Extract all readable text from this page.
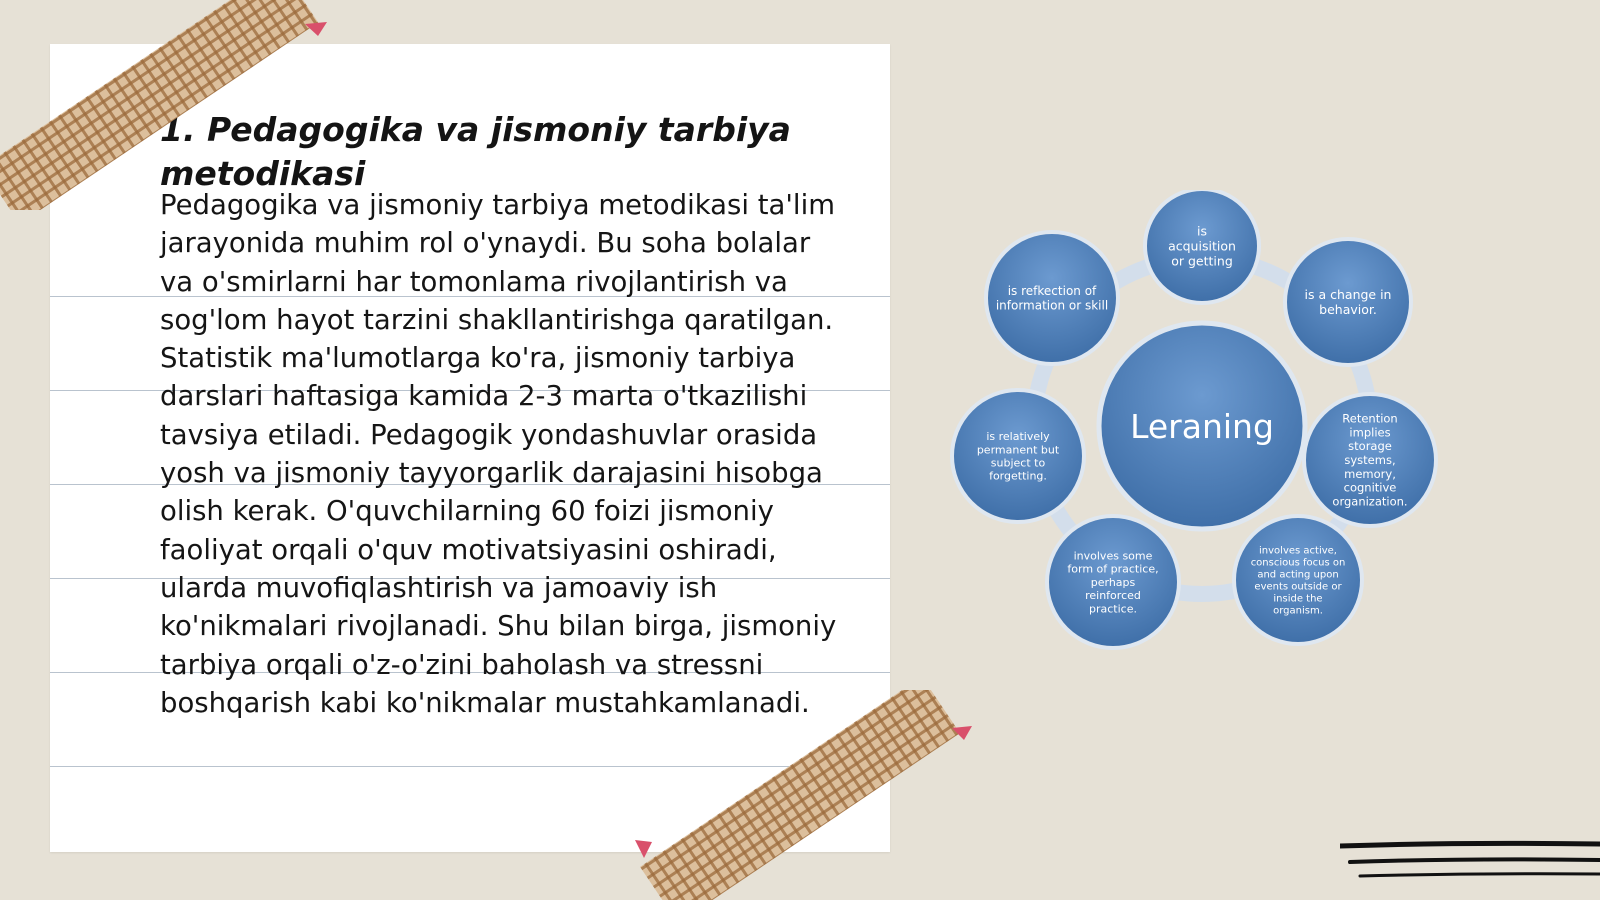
1. Pedagogika va jismoniy tarbiya metodikasi

Pedagogika va jismoniy tarbiya metodikasi ta'lim jarayonida muhim rol o'ynaydi. Bu soha bolalar va o'smirlarni har tomonlama rivojlantirish va sog'lom hayot tarzini shakllantirishga qaratilgan. Statistik ma'lumotlarga ko'ra, jismoniy tarbiya darslari haftasiga kamida 2-3 marta o'tkazilishi tavsiya etiladi. Pedagogik yondashuvlar orasida yosh va jismoniy tayyorgarlik darajasini hisobga olish kerak. O'quvchilarning 60 foizi jismoniy faoliyat orqali o'quv motivatsiyasini oshiradi, ularda muvofiqlashtirish va jamoaviy ish ko'nikmalari rivojlanadi. Shu bilan birga, jismoniy tarbiya orqali o'z-o'zini baholash va stressni boshqarish kabi ko'nikmalar mustahkamlanadi.

is acquisition or getting
is a change in behavior.
Retention implies storage systems, memory, cognitive organization.
involves active, conscious focus on and acting upon events outside or inside the organism.
involves some form of practice, perhaps reinforced practice.
is relatively permanent but subject to forgetting.
is refkection of information or skill
Leraning
